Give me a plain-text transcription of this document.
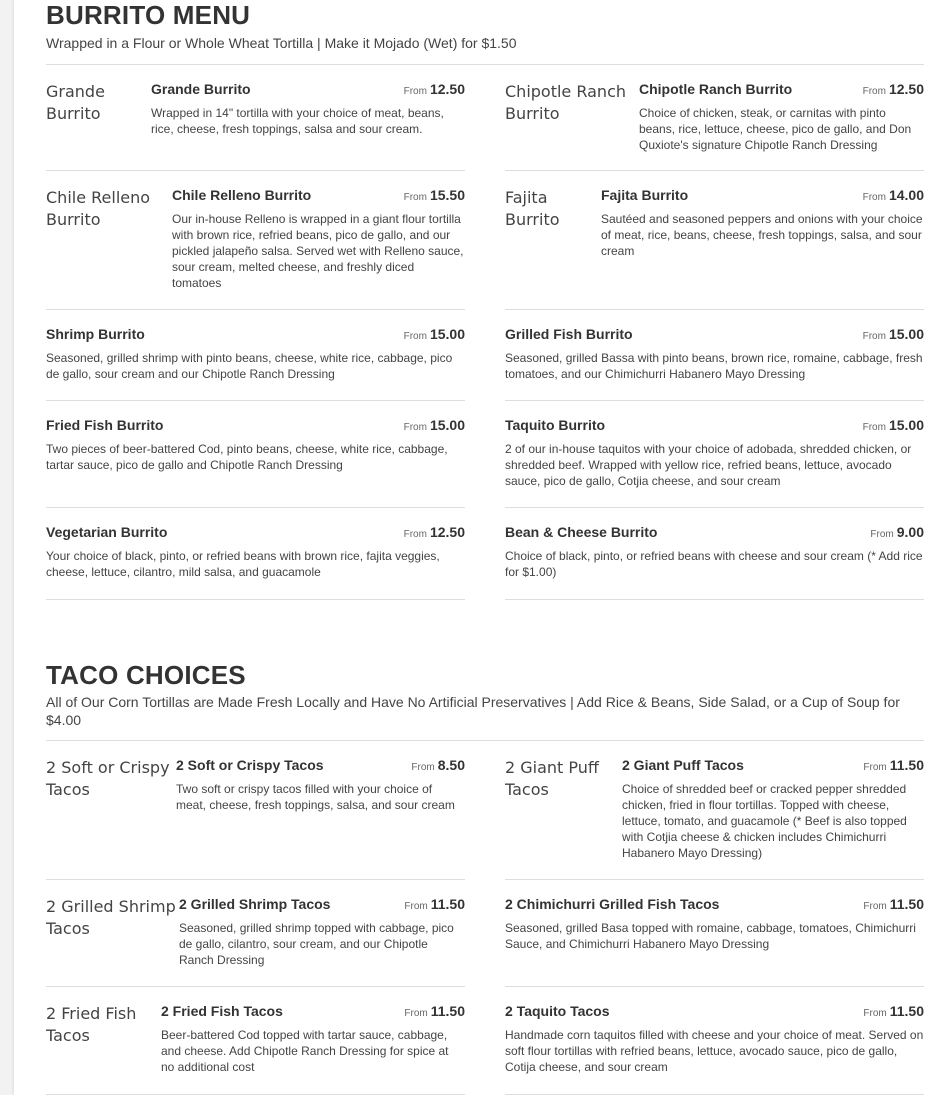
BURRITO MENU
Wrapped in a Flour or Whole Wheat Tortilla | Make it Mojado (Wet) for $1.50
Grande Burrito
Grande Burrito	From 12.50
Wrapped in 14" tortilla with your choice of meat, beans, rice, cheese, fresh toppings, salsa and sour cream.
Chipotle Ranch Burrito
Chipotle Ranch Burrito	From 12.50
Choice of chicken, steak, or carnitas with pinto beans, rice, lettuce, cheese, pico de gallo, and Don Quxiote's signature Chipotle Ranch Dressing
Chile Relleno Burrito
Chile Relleno Burrito	From 15.50
Our in-house Relleno is wrapped in a giant flour tortilla with brown rice, refried beans, pico de gallo, and our pickled jalapeño salsa. Served wet with Relleno sauce, sour cream, melted cheese, and freshly diced tomatoes
Fajita Burrito
Fajita Burrito	From 14.00
Sautéed and seasoned peppers and onions with your choice of meat, rice, beans, cheese, fresh toppings, salsa, and sour cream
Shrimp Burrito	From 15.00
Seasoned, grilled shrimp with pinto beans, cheese, white rice, cabbage, pico de gallo, sour cream and our Chipotle Ranch Dressing
Grilled Fish Burrito	From 15.00
Seasoned, grilled Bassa with pinto beans, brown rice, romaine, cabbage, fresh tomatoes, and our Chimichurri Habanero Mayo Dressing
Fried Fish Burrito	From 15.00
Two pieces of beer-battered Cod, pinto beans, cheese, white rice, cabbage, tartar sauce, pico de gallo and Chipotle Ranch Dressing
Taquito Burrito	From 15.00
2 of our in-house taquitos with your choice of adobada, shredded chicken, or shredded beef. Wrapped with yellow rice, refried beans, lettuce, avocado sauce, pico de gallo, Cotjia cheese, and sour cream
Vegetarian Burrito	From 12.50
Your choice of black, pinto, or refried beans with brown rice, fajita veggies, cheese, lettuce, cilantro, mild salsa, and guacamole
Bean & Cheese Burrito	From 9.00
Choice of black, pinto, or refried beans with cheese and sour cream (* Add rice for $1.00)
TACO CHOICES
All of Our Corn Tortillas are Made Fresh Locally and Have No Artificial Preservatives | Add Rice & Beans, Side Salad, or a Cup of Soup for $4.00
2 Soft or Crispy Tacos
2 Soft or Crispy Tacos	From 8.50
Two soft or crispy tacos filled with your choice of meat, cheese, fresh toppings, salsa, and sour cream
2 Giant Puff Tacos
2 Giant Puff Tacos	From 11.50
Choice of shredded beef or cracked pepper shredded chicken, fried in flour tortillas. Topped with cheese, lettuce, tomato, and guacamole (* Beef is also topped with Cotjia cheese & chicken includes Chimichurri Habanero Mayo Dressing)
2 Grilled Shrimp Tacos
2 Grilled Shrimp Tacos	From 11.50
Seasoned, grilled shrimp topped with cabbage, pico de gallo, cilantro, sour cream, and our Chipotle Ranch Dressing
2 Chimichurri Grilled Fish Tacos	From 11.50
Seasoned, grilled Basa topped with romaine, cabbage, tomatoes, Chimichurri Sauce, and Chimichurri Habanero Mayo Dressing
2 Fried Fish Tacos
2 Fried Fish Tacos	From 11.50
Beer-battered Cod topped with tartar sauce, cabbage, and cheese. Add Chipotle Ranch Dressing for spice at no additional cost
2 Taquito Tacos	From 11.50
Handmade corn taquitos filled with cheese and your choice of meat. Served on soft flour tortillas with refried beans, lettuce, avocado sauce, pico de gallo, Cotija cheese, and sour cream
